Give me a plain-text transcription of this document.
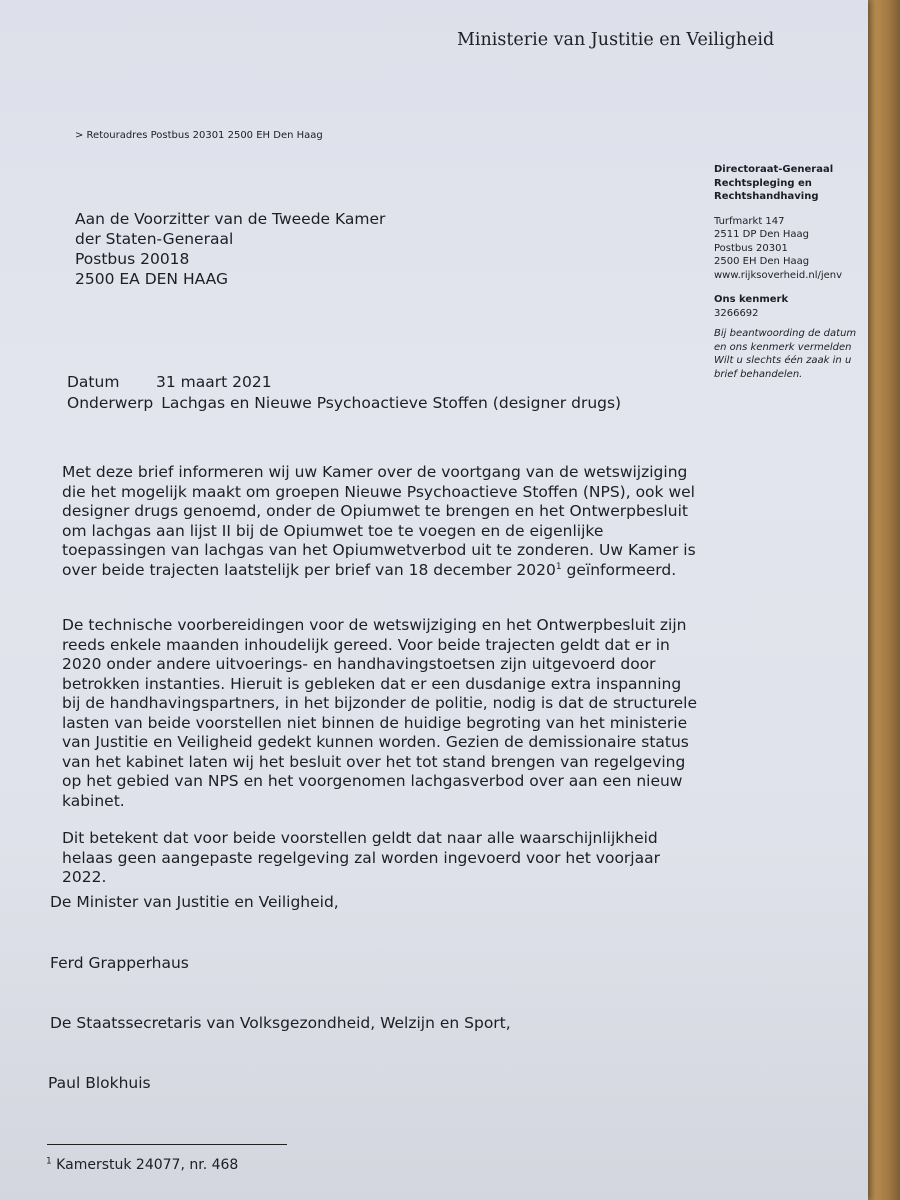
Ministerie van Justitie en Veiligheid
> Retouradres Postbus 20301 2500 EH Den Haag
Aan de Voorzitter van de Tweede Kamer
der Staten-Generaal
Postbus 20018
2500 EA DEN HAAG
Directoraat-Generaal
Rechtspleging en
Rechtshandhaving
Turfmarkt 147
2511 DP Den Haag
Postbus 20301
2500 EH Den Haag
www.rijksoverheid.nl/jenv
Ons kenmerk
3266692
Bij beantwoording de datum
en ons kenmerk vermelden
Wilt u slechts één zaak in u
brief behandelen.
Datum 31 maart 2021
Onderwerp Lachgas en Nieuwe Psychoactieve Stoffen (designer drugs)

Met deze brief informeren wij uw Kamer over de voortgang van de wetswijziging
die het mogelijk maakt om groepen Nieuwe Psychoactieve Stoffen (NPS), ook wel
designer drugs genoemd, onder de Opiumwet te brengen en het Ontwerpbesluit
om lachgas aan lijst II bij de Opiumwet toe te voegen en de eigenlijke
toepassingen van lachgas van het Opiumwetverbod uit te zonderen. Uw Kamer is
over beide trajecten laatstelijk per brief van 18 december 2020$^1$ geïnformeerd.

De technische voorbereidingen voor de wetswijziging en het Ontwerpbesluit zijn
reeds enkele maanden inhoudelijk gereed. Voor beide trajecten geldt dat er in
2020 onder andere uitvoerings- en handhavingstoetsen zijn uitgevoerd door
betrokken instanties. Hieruit is gebleken dat er een dusdanige extra inspanning
bij de handhavingspartners, in het bijzonder de politie, nodig is dat de structurele
lasten van beide voorstellen niet binnen de huidige begroting van het ministerie
van Justitie en Veiligheid gedekt kunnen worden. Gezien de demissionaire status
van het kabinet laten wij het besluit over het tot stand brengen van regelgeving
op het gebied van NPS en het voorgenomen lachgasverbod over aan een nieuw
kabinet.
Dit betekent dat voor beide voorstellen geldt dat naar alle waarschijnlijkheid
helaas geen aangepaste regelgeving zal worden ingevoerd voor het voorjaar
2022.
De Minister van Justitie en Veiligheid,
Ferd Grapperhaus
De Staatssecretaris van Volksgezondheid, Welzijn en Sport,
Paul Blokhuis
$^1$ Kamerstuk 24077, nr. 468
